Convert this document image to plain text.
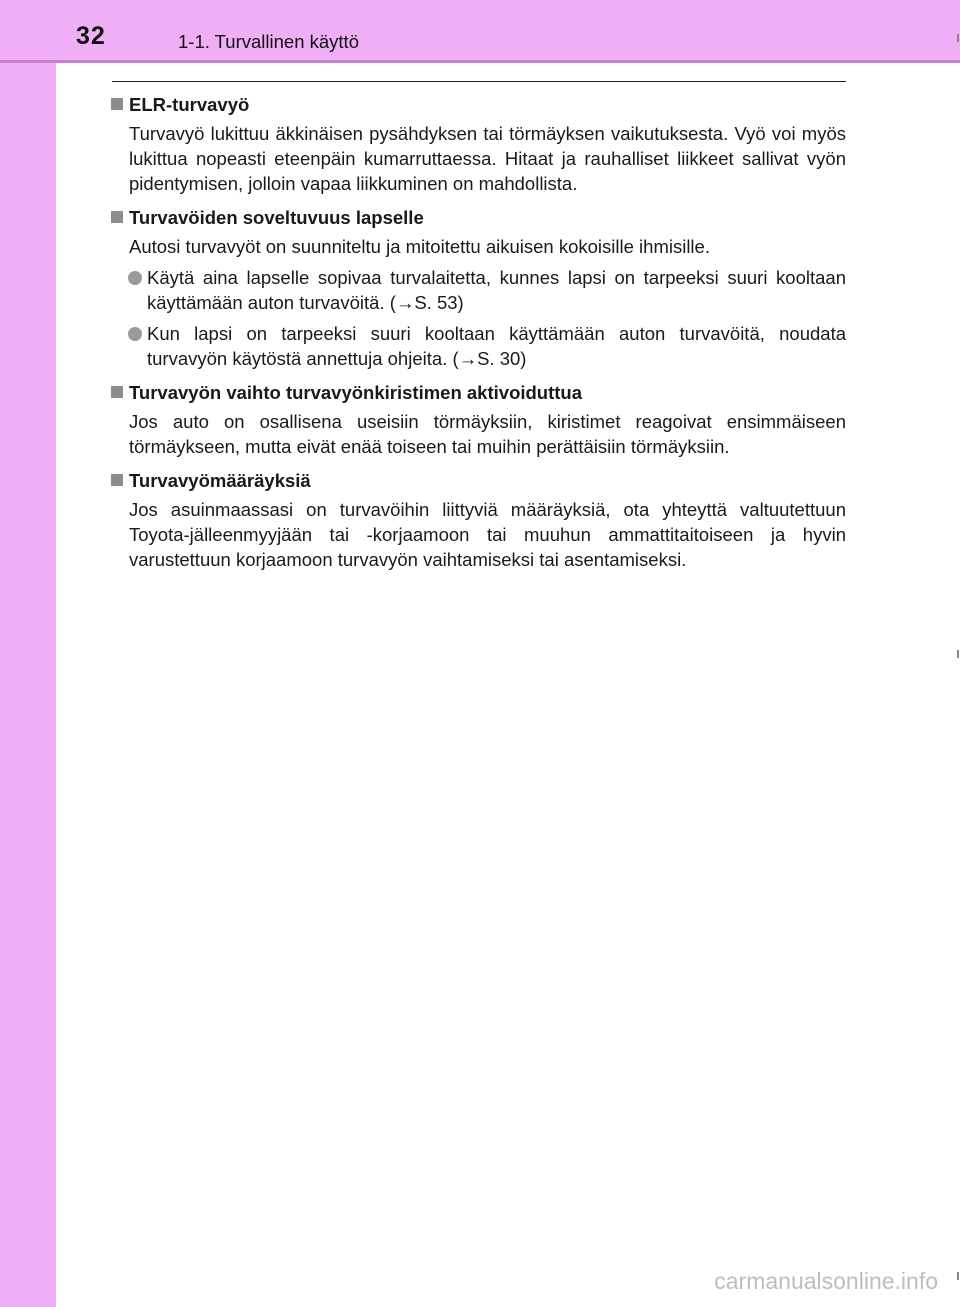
32	1-1. Turvallinen käyttö
ELR-turvavyö
Turvavyö lukittuu äkkinäisen pysähdyksen tai törmäyksen vaikutuksesta. Vyö voi myös lukittua nopeasti eteenpäin kumarruttaessa. Hitaat ja rauhalliset liikkeet sallivat vyön pidentymisen, jolloin vapaa liikkuminen on mahdollista.
Turvavöiden soveltuvuus lapselle
Autosi turvavyöt on suunniteltu ja mitoitettu aikuisen kokoisille ihmisille.
Käytä aina lapselle sopivaa turvalaitetta, kunnes lapsi on tarpeeksi suuri kooltaan käyttämään auton turvavöitä. (→S. 53)
Kun lapsi on tarpeeksi suuri kooltaan käyttämään auton turvavöitä, noudata turvavyön käytöstä annettuja ohjeita. (→S. 30)
Turvavyön vaihto turvavyönkiristimen aktivoiduttua
Jos auto on osallisena useisiin törmäyksiin, kiristimet reagoivat ensimmäiseen törmäykseen, mutta eivät enää toiseen tai muihin perättäisiin törmäyksiin.
Turvavyömääräyksiä
Jos asuinmaassasi on turvavöihin liittyviä määräyksiä, ota yhteyttä valtuutettuun Toyota-jälleenmyyjään tai -korjaamoon tai muuhun ammattitaitoiseen ja hyvin varustettuun korjaamoon turvavyön vaihtamiseksi tai asentamiseksi.
carmanualsonline.info
